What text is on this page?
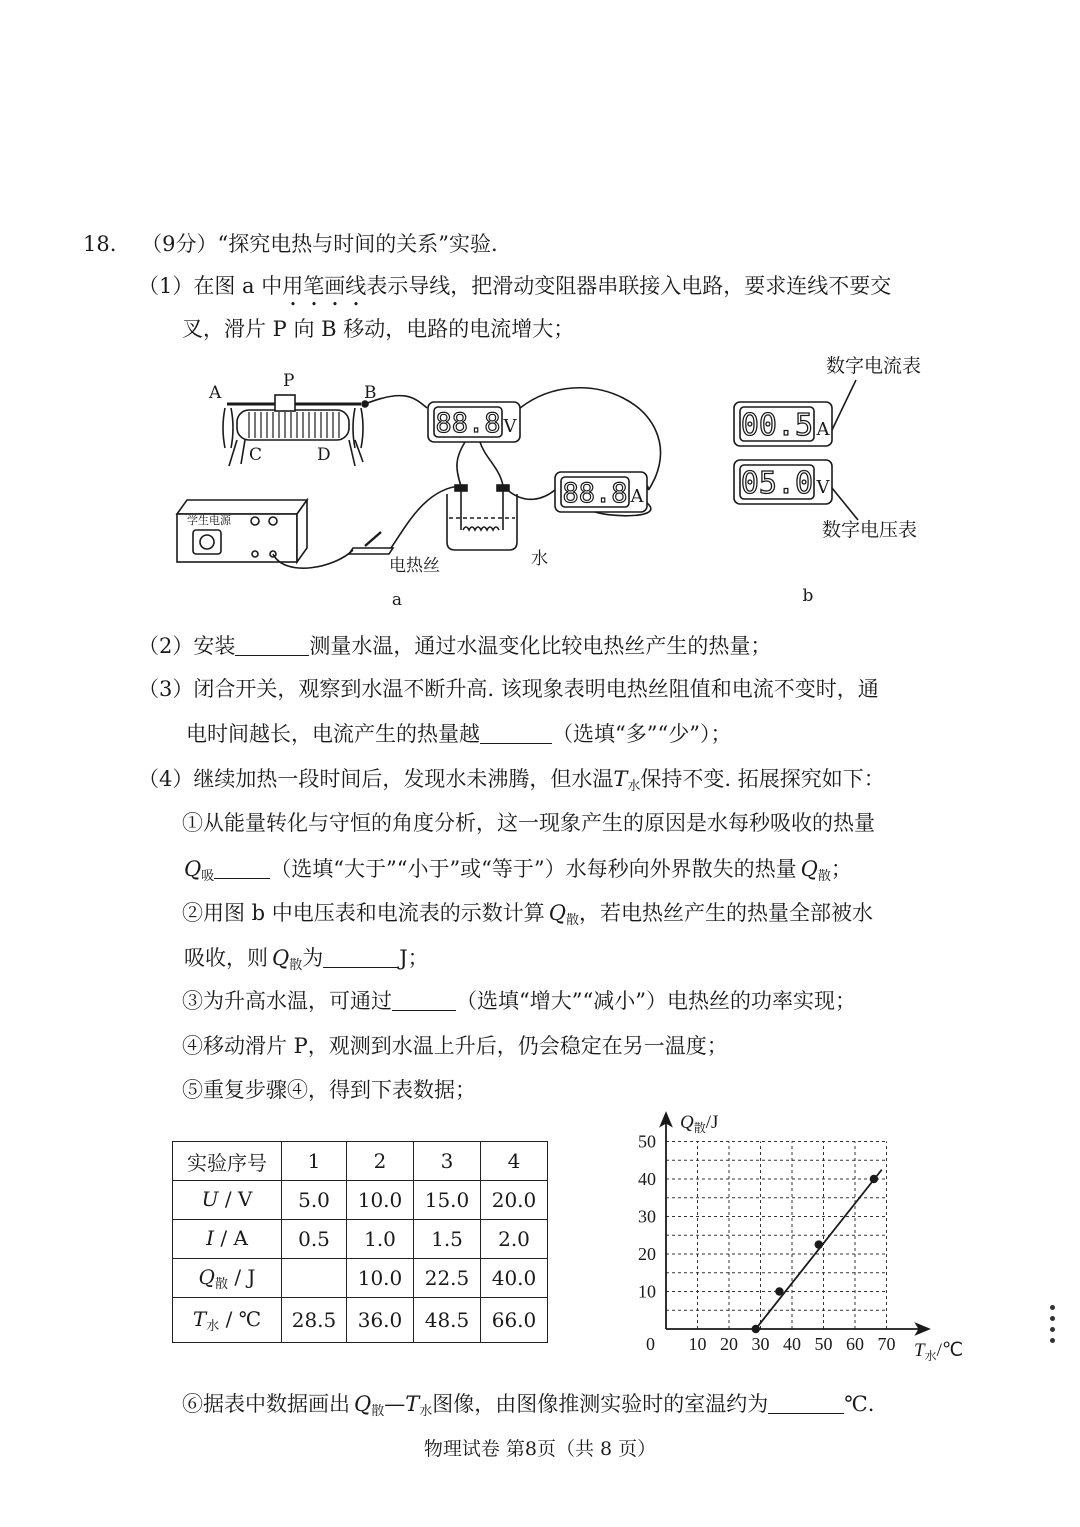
18. （9分）“探究电热与时间的关系”实验.
（1）在图 a 中用笔画线表示导线，把滑动变阻器串联接入电路，要求连线不要交
叉，滑片 P 向 B 移动，电路的电流增大；
88.8 V
88.8 A
A
P
B
C	D
学生电源
电热丝	水
a
数字电流表
00.5 A
05.0 V
数字电压表
b
（2）安装	测量水温，通过水温变化比较电热丝产生的热量；
（3）闭合开关，观察到水温不断升高. 该现象表明电热丝阻值和电流不变时，通
电时间越长，电流产生的热量越	（选填“多”“少”）；
（4）继续加热一段时间后，发现水未沸腾，但水温$T_水$保持不变. 拓展探究如下：
①从能量转化与守恒的角度分析，这一现象产生的原因是水每秒吸收的热量
$Q_吸$	（选填“大于”“小于”或“等于”）水每秒向外界散失的热量 $Q_散$；
②用图 b 中电压表和电流表的示数计算 $Q_散$，若电热丝产生的热量全部被水
吸收，则 $Q_散$为	J；
③为升高水温，可通过	（选填“增大”“减小”）电热丝的功率实现；
④移动滑片 P，观测到水温上升后，仍会稳定在另一温度；
⑤重复步骤④，得到下表数据；
实验序号	1	2	3	4
U / V	5.0	10.0	15.0	20.0
I / A	0.5	1.0	1.5	2.0
$Q_散$ / J		10.0	22.5	40.0
$T_水$ / ℃	28.5	36.0	48.5	66.0
0 10 20 30 40 50 60 70
10
20
30
40
50
$Q_散/J$
$T_水/℃$
⑥据表中数据画出 $Q_散—T_水$图像，由图像推测实验时的室温约为	℃.
物理试卷 第8页（共 8 页）
